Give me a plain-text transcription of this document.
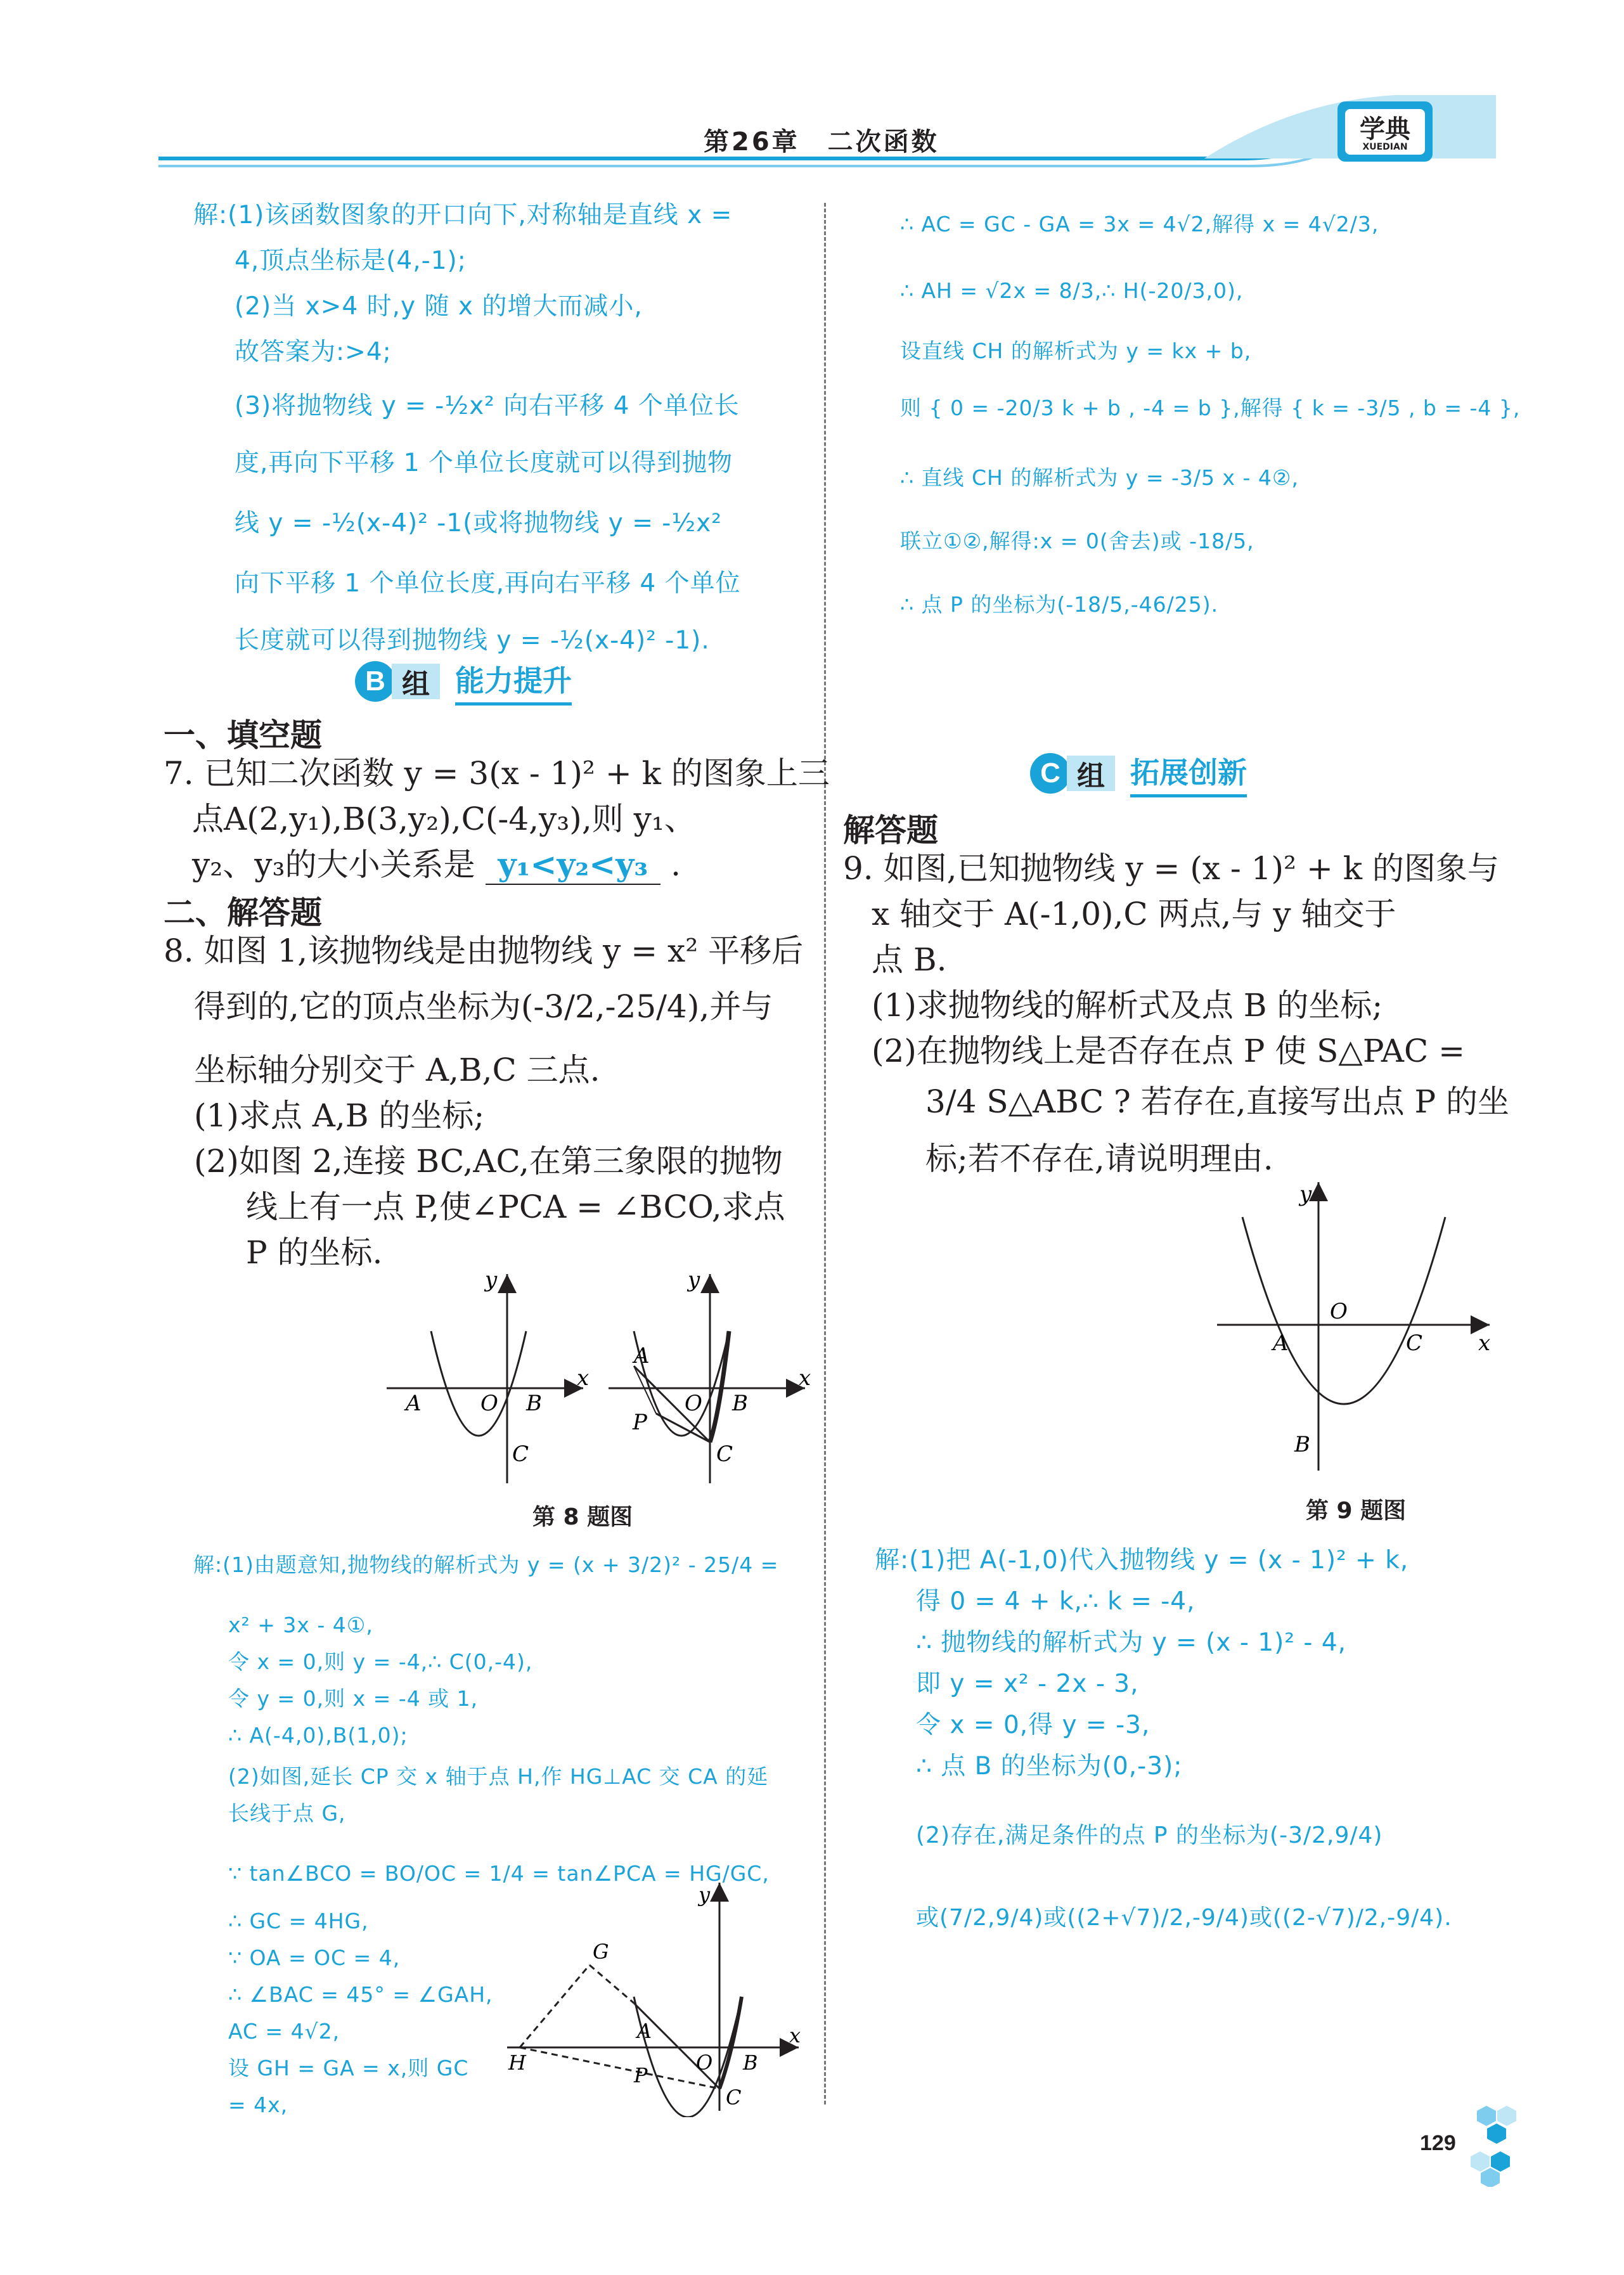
第26章　二次函数	学典
XUEDIAN
解:(1)该函数图象的开口向下,对称轴是直线 x =
4,顶点坐标是(4,-1);
(2)当 x>4 时,y 随 x 的增大而减小,
故答案为:>4;
(3)将抛物线 y = -½x² 向右平移 4 个单位长
度,再向下平移 1 个单位长度就可以得到抛物
线 y = -½(x-4)² -1(或将抛物线 y = -½x²
向下平移 1 个单位长度,再向右平移 4 个单位
长度就可以得到抛物线 y = -½(x-4)² -1).
B 组 能力提升
一、填空题
7. 已知二次函数 y = 3(x - 1)² + k 的图象上三
点A(2,y₁),B(3,y₂),C(-4,y₃),则 y₁、
y₂、y₃的大小关系是 y₁<y₂<y₃ .
二、解答题
8. 如图 1,该抛物线是由抛物线 y = x² 平移后
得到的,它的顶点坐标为(-3/2,-25/4),并与
坐标轴分别交于 A,B,C 三点.
(1)求点 A,B 的坐标;
(2)如图 2,连接 BC,AC,在第三象限的抛物
线上有一点 P,使∠PCA = ∠BCO,求点
P 的坐标.
y
x
A	O B
C
y
x
A
O B
P
C
第 8 题图
解:(1)由题意知,抛物线的解析式为 y = (x + 3/2)² - 25/4 =
x² + 3x - 4①,
令 x = 0,则 y = -4,∴ C(0,-4),
令 y = 0,则 x = -4 或 1,
∴ A(-4,0),B(1,0);
(2)如图,延长 CP 交 x 轴于点 H,作 HG⊥AC 交 CA 的延
长线于点 G,
∵ tan∠BCO = BO/OC = 1/4 = tan∠PCA = HG/GC,
∴ GC = 4HG,
∵ OA = OC = 4,
∴ ∠BAC = 45° = ∠GAH,
AC = 4√2,
设 GH = GA = x,则 GC
= 4x,
y
x
G
A
O B
H
P
C
∴ AC = GC - GA = 3x = 4√2,解得 x = 4√2/3,
∴ AH = √2x = 8/3,∴ H(-20/3,0),
设直线 CH 的解析式为 y = kx + b,
则 { 0 = -20/3 k + b , -4 = b },解得 { k = -3/5 , b = -4 },
∴ 直线 CH 的解析式为 y = -3/5 x - 4②,
联立①②,解得:x = 0(舍去)或 -18/5,
∴ 点 P 的坐标为(-18/5,-46/25).
C 组 拓展创新
解答题
9. 如图,已知抛物线 y = (x - 1)² + k 的图象与
x 轴交于 A(-1,0),C 两点,与 y 轴交于
点 B.
(1)求抛物线的解析式及点 B 的坐标;
(2)在抛物线上是否存在点 P 使 S△PAC =
3/4 S△ABC ? 若存在,直接写出点 P 的坐
标;若不存在,请说明理由.
y
x
O
A	C
B
第 9 题图
解:(1)把 A(-1,0)代入抛物线 y = (x - 1)² + k,
得 0 = 4 + k,∴ k = -4,
∴ 抛物线的解析式为 y = (x - 1)² - 4,
即 y = x² - 2x - 3,
令 x = 0,得 y = -3,
∴ 点 B 的坐标为(0,-3);
(2)存在,满足条件的点 P 的坐标为(-3/2,9/4)
或(7/2,9/4)或((2+√7)/2,-9/4)或((2-√7)/2,-9/4).
129
